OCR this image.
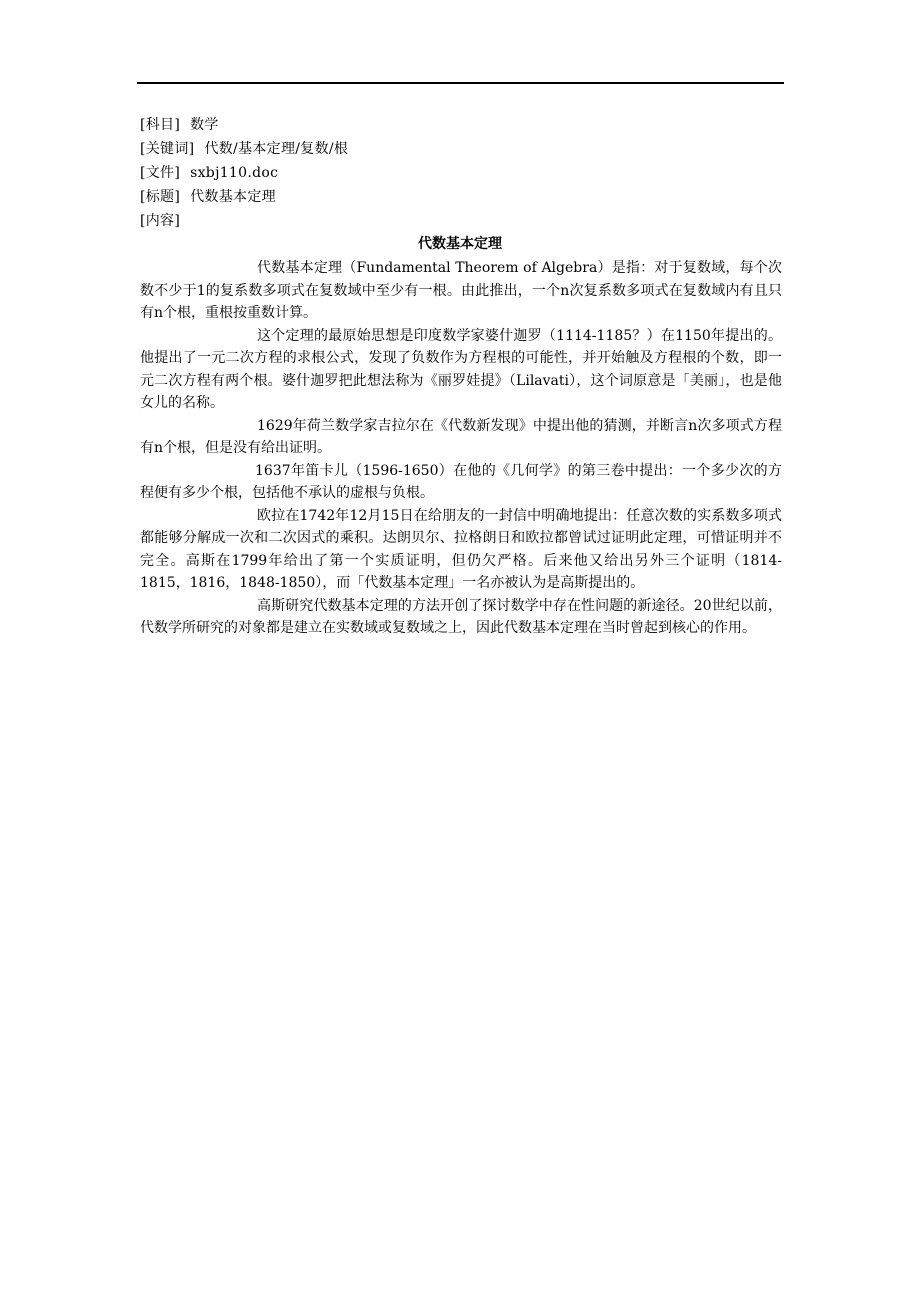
[科目] 数学
[关键词] 代数/基本定理/复数/根
[文件] sxbj110.doc
[标题] 代数基本定理
[内容]
代数基本定理

代数基本定理（Fundamental Theorem of Algebra）是指：对于复数域，每个次数不少于1的复系数多项式在复数域中至少有一根。由此推出，一个n次复系数多项式在复数域内有且只有n个根，重根按重数计算。

这个定理的最原始思想是印度数学家婆什迦罗（1114-1185？）在1150年提出的。他提出了一元二次方程的求根公式，发现了负数作为方程根的可能性，并开始触及方程根的个数，即一元二次方程有两个根。婆什迦罗把此想法称为《丽罗娃提》（Lilavati），这个词原意是「美丽」，也是他女儿的名称。

1629年荷兰数学家吉拉尔在《代数新发现》中提出他的猜测，并断言n次多项式方程有n个根，但是没有给出证明。

1637年笛卡儿（1596-1650）在他的《几何学》的第三卷中提出：一个多少次的方程便有多少个根，包括他不承认的虚根与负根。

欧拉在1742年12月15日在给朋友的一封信中明确地提出：任意次数的实系数多项式都能够分解成一次和二次因式的乘积。达朗贝尔、拉格朗日和欧拉都曾试过证明此定理，可惜证明并不完全。高斯在1799年给出了第一个实质证明，但仍欠严格。后来他又给出另外三个证明（1814-1815，1816，1848-1850），而「代数基本定理」一名亦被认为是高斯提出的。

高斯研究代数基本定理的方法开创了探讨数学中存在性问题的新途径。20世纪以前，代数学所研究的对象都是建立在实数域或复数域之上，因此代数基本定理在当时曾起到核心的作用。
